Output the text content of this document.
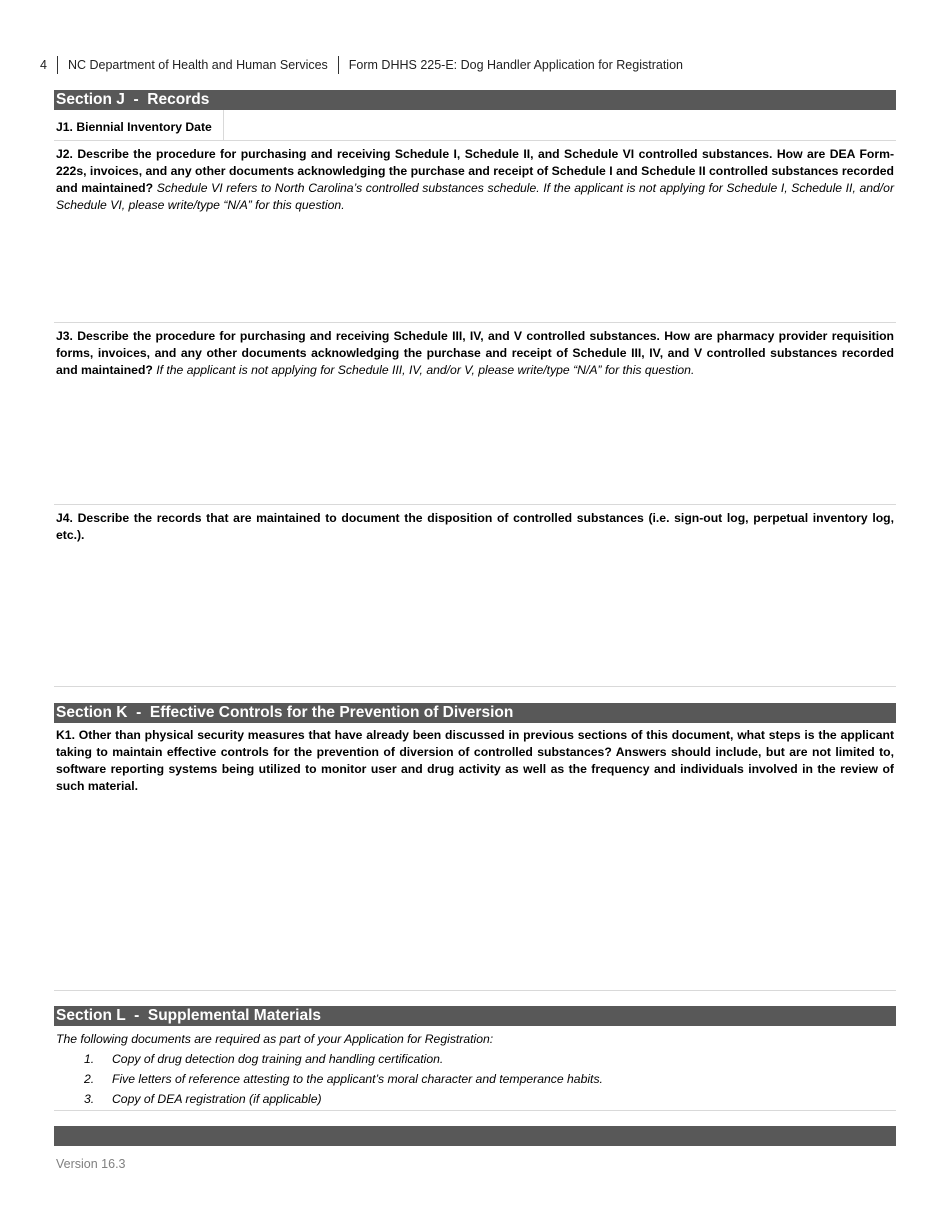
4 NC Department of Health and Human Services Form DHHS 225-E: Dog Handler Application for Registration
Section J  -  Records
J1. Biennial Inventory Date
J2. Describe the procedure for purchasing and receiving Schedule I, Schedule II, and Schedule VI controlled substances. How are DEA Form-222s, invoices, and any other documents acknowledging the purchase and receipt of Schedule I and Schedule II controlled substances recorded and maintained? Schedule VI refers to North Carolina’s controlled substances schedule. If the applicant is not applying for Schedule I, Schedule II, and/or Schedule VI, please write/type “N/A” for this question.
J3. Describe the procedure for purchasing and receiving Schedule III, IV, and V controlled substances. How are pharmacy provider requisition forms, invoices, and any other documents acknowledging the purchase and receipt of Schedule III, IV, and V controlled substances recorded and maintained? If the applicant is not applying for Schedule III, IV, and/or V, please write/type “N/A” for this question.
J4. Describe the records that are maintained to document the disposition of controlled substances (i.e. sign-out log, perpetual inventory log, etc.).
Section K  -  Effective Controls for the Prevention of Diversion
K1. Other than physical security measures that have already been discussed in previous sections of this document, what steps is the applicant taking to maintain effective controls for the prevention of diversion of controlled substances? Answers should include, but are not limited to, software reporting systems being utilized to monitor user and drug activity as well as the frequency and individuals involved in the review of such material.
Section L  -  Supplemental Materials
The following documents are required as part of your Application for Registration:
1. Copy of drug detection dog training and handling certification.
2. Five letters of reference attesting to the applicant’s moral character and temperance habits.
3. Copy of DEA registration (if applicable)
Version 16.3
